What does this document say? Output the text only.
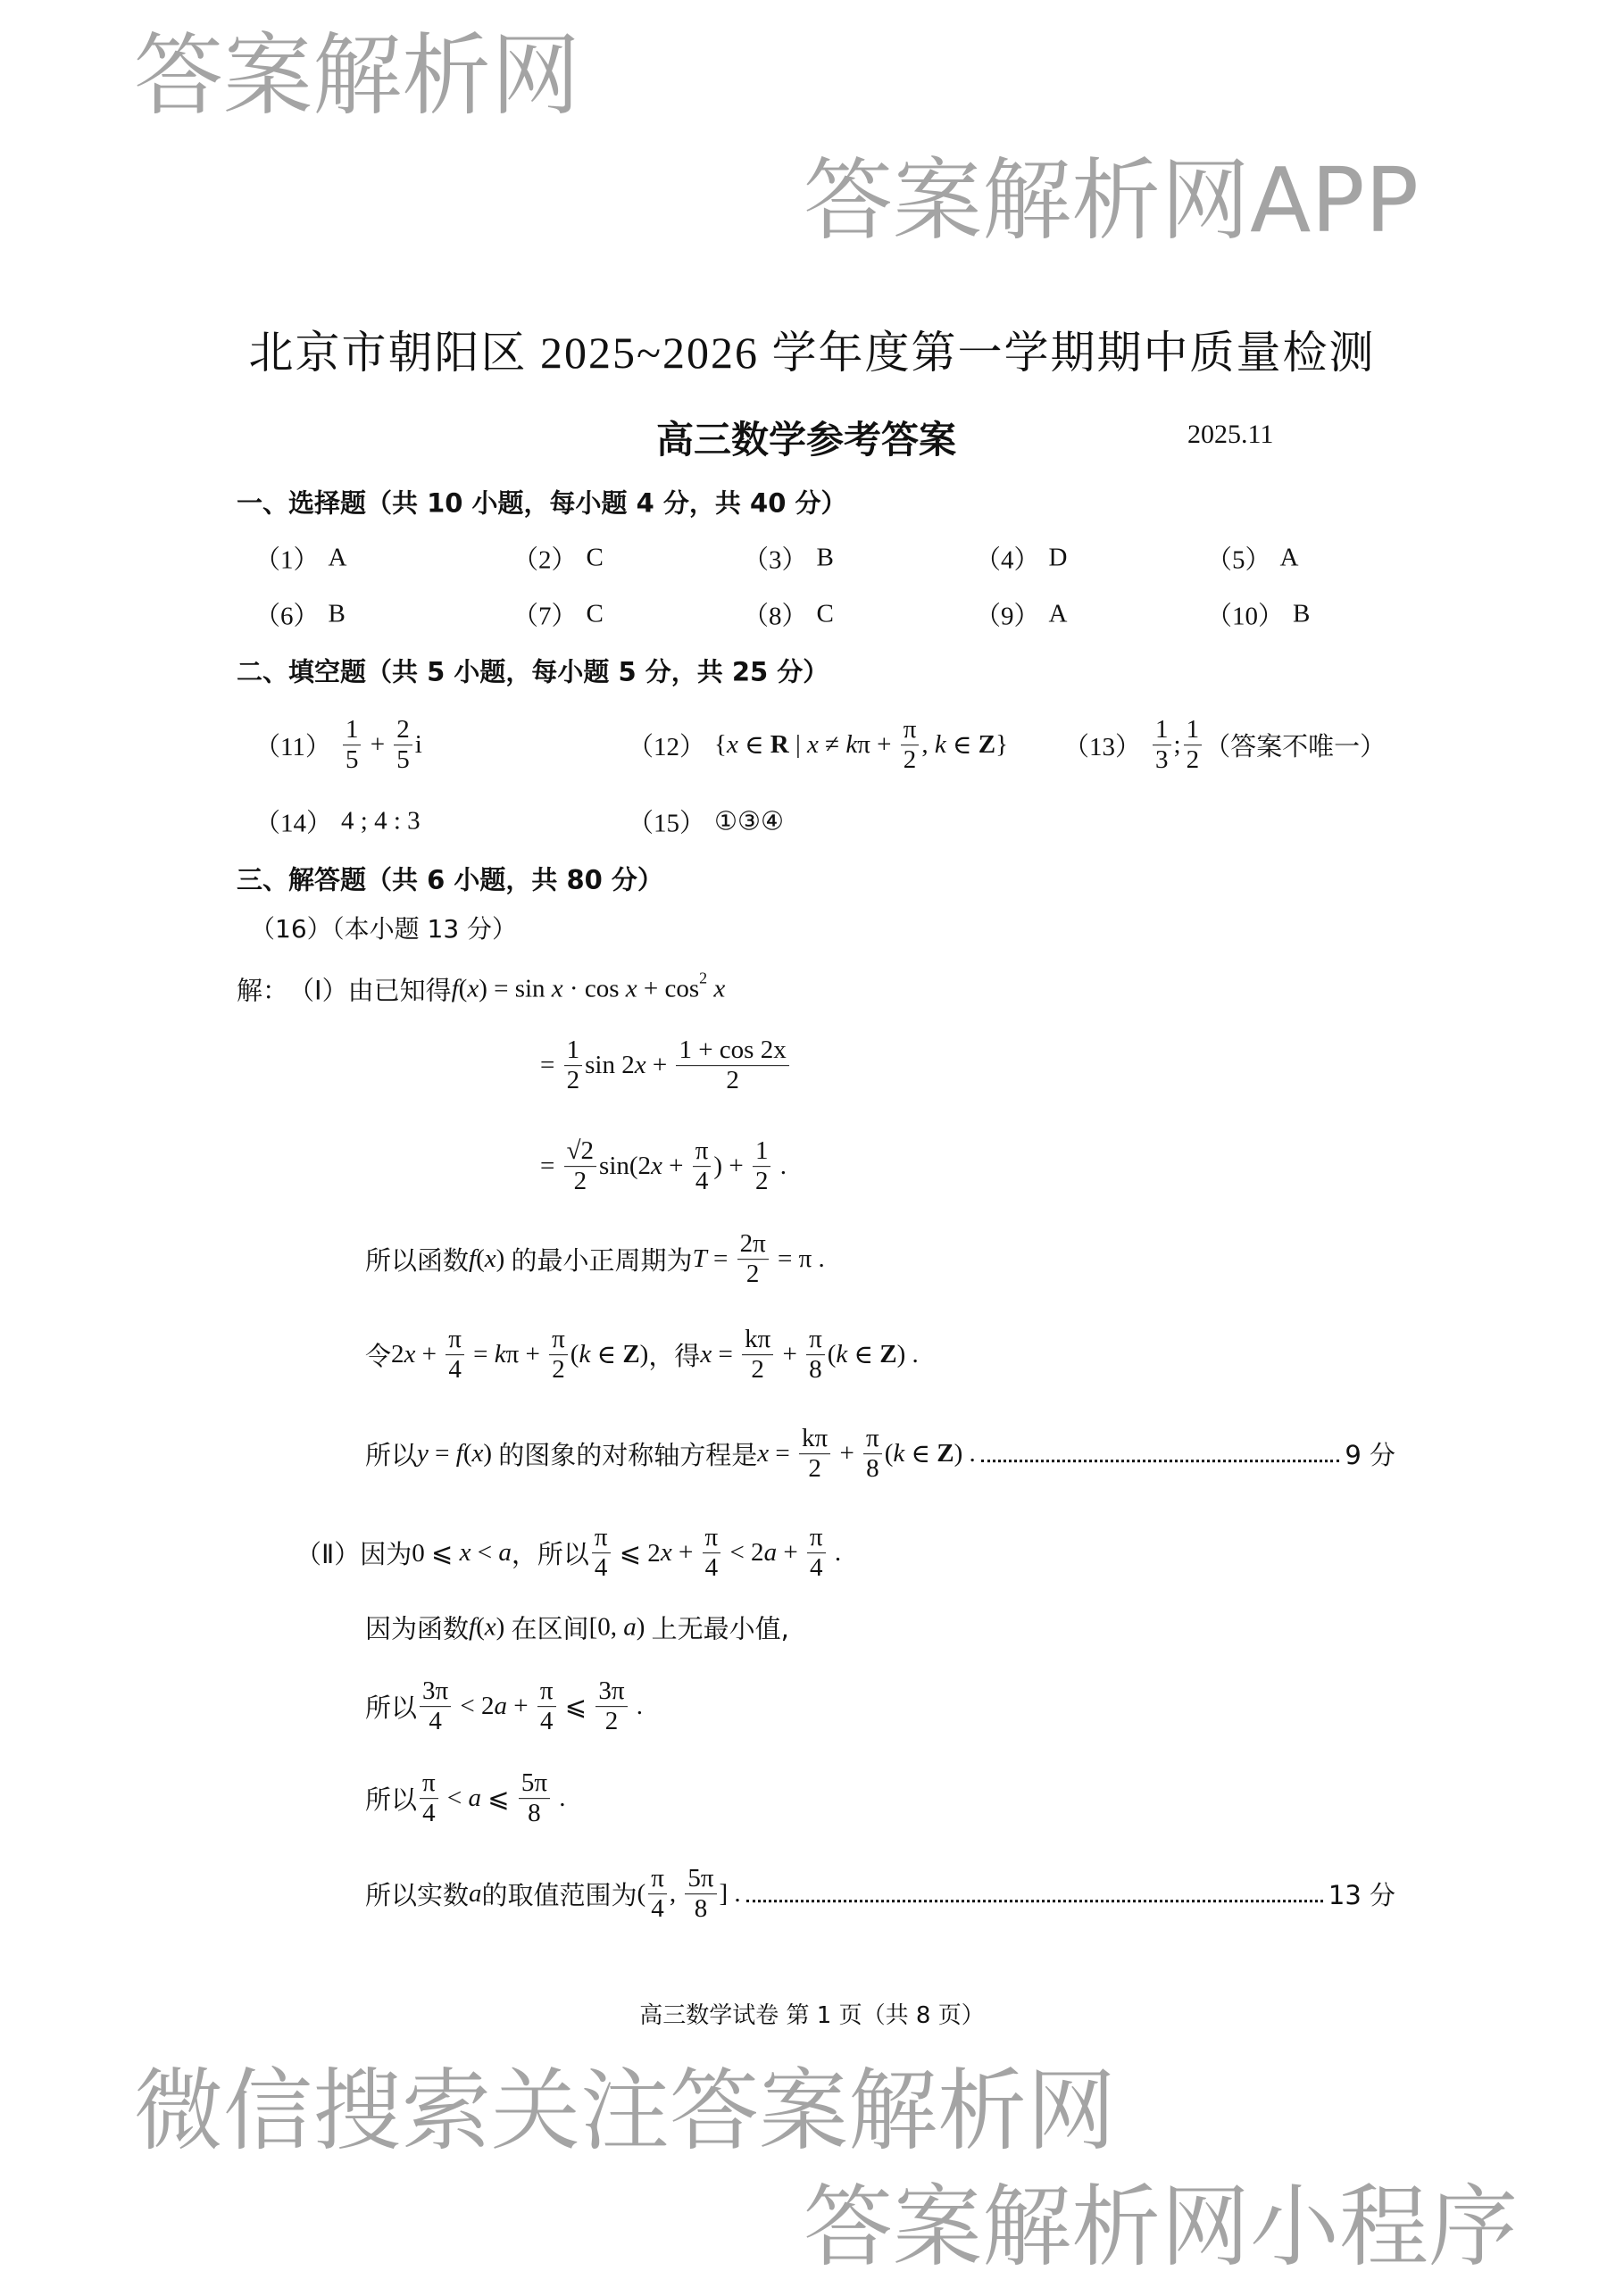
北京市朝阳区 2025~2026 学年度第一学期期中质量检测
高三数学参考答案	2025.11
一、选择题（共 10 小题，每小题 4 分，共 40 分）
（1） A	（2） C	（3） B	（4） D	（5） A
（6） B	（7） C	（8） C	（9） A	（10） B
二、填空题（共 5 小题，每小题 5 分，共 25 分）
$(11) \frac{1}{5} + \frac{2}{5}$ i	（12） { x ∈ R | x ≠ k $\pi + \frac{\pi}{2}$ , k ∈ Z } $(13) \frac{1}{3}$ ; $\frac{1}{2}$ （答案不唯一）
（14） 4 ; 4 : 3	（15） ①③④
三、解答题（共 6 小题，共 80 分）
（16）（本小题 13 分）
解： （Ⅰ）由已知得 f ( x ) = sin x · cos x + cos 2
x
= $\frac{1}{2}$ sin 2 $x + \frac{1 + \cos 2x}{2}$
= $\frac{√2}{2} \sin(2$ $x + \frac{\pi}{4}$ ) + $\frac{1}{2}$ .
所以函数 f ( x ) 的最小正周期为 $T = \frac{2\pi}{2} = \pi$ .
令 2 $x + \frac{\pi}{4} = k$ $\pi + \frac{\pi}{2}$ ( k ∈ Z ) ，得 $x = \frac{k\pi}{2} + \frac{\pi}{8}$ ( k ∈ Z ) .
所以 y = f ( x ) 的图象的对称轴方程是 $x = \frac{k\pi}{2} + \frac{\pi}{8}$ ( k ∈ Z ) .	9 分
（Ⅱ）因为 0 ⩽ x < a ，所以 $\frac{\pi}{4}$ ⩽ 2 $x + \frac{\pi}{4} < 2$ $a + \frac{\pi}{4}$ .
因为函数 f ( x ) 在区间 [0, a ) 上无最小值,
所以 $\frac{3\pi}{4} < 2$ $a + \frac{\pi}{4}$ ⩽ $\frac{3\pi}{2}$ .
所以 $\frac{\pi}{4} < a$ ⩽ $\frac{5\pi}{8}$ .
所以实数 a 的取值范围为 ( $\frac{\pi}{4}$ , $\frac{5\pi}{8}$ ] .	13 分
高三数学试卷 第 1 页（共 8 页）
答案解析网
答案解析网APP
微信搜索关注答案解析网
答案解析网小程序
